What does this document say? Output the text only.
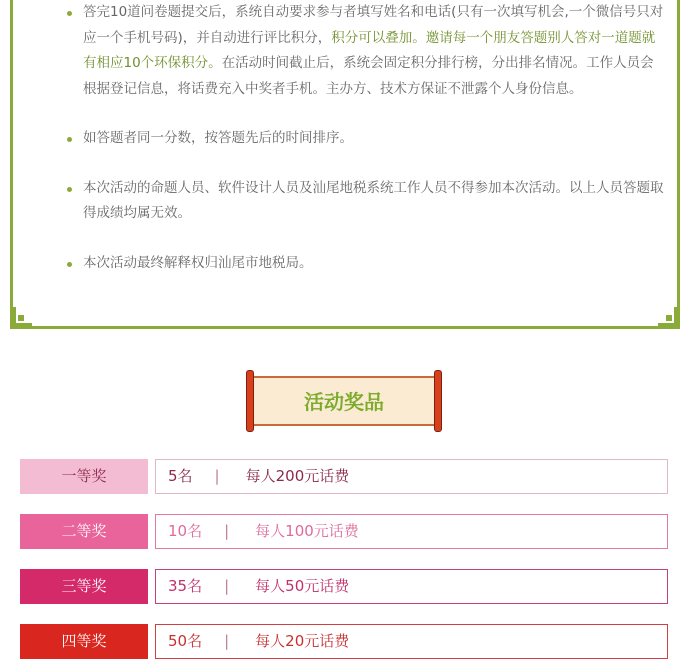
答完10道问卷题提交后，系统自动要求参与者填写姓名和电话(只有一次填写机会,一个微信号只对应一个手机号码)，并自动进行评比积分，积分可以叠加。邀请每一个朋友答题别人答对一道题就有相应10个环保积分。在活动时间截止后，系统会固定积分排行榜，分出排名情况。工作人员会根据登记信息，将话费充入中奖者手机。主办方、技术方保证不泄露个人身份信息。
如答题者同一分数，按答题先后的时间排序。
本次活动的命题人员、软件设计人员及汕尾地税系统工作人员不得参加本次活动。以上人员答题取得成绩均属无效。
本次活动最终解释权归汕尾市地税局。
活动奖品
一等奖	5名 | 每人200元话费
二等奖	10名 | 每人100元话费
三等奖	35名 | 每人50元话费
四等奖	50名 | 每人20元话费
